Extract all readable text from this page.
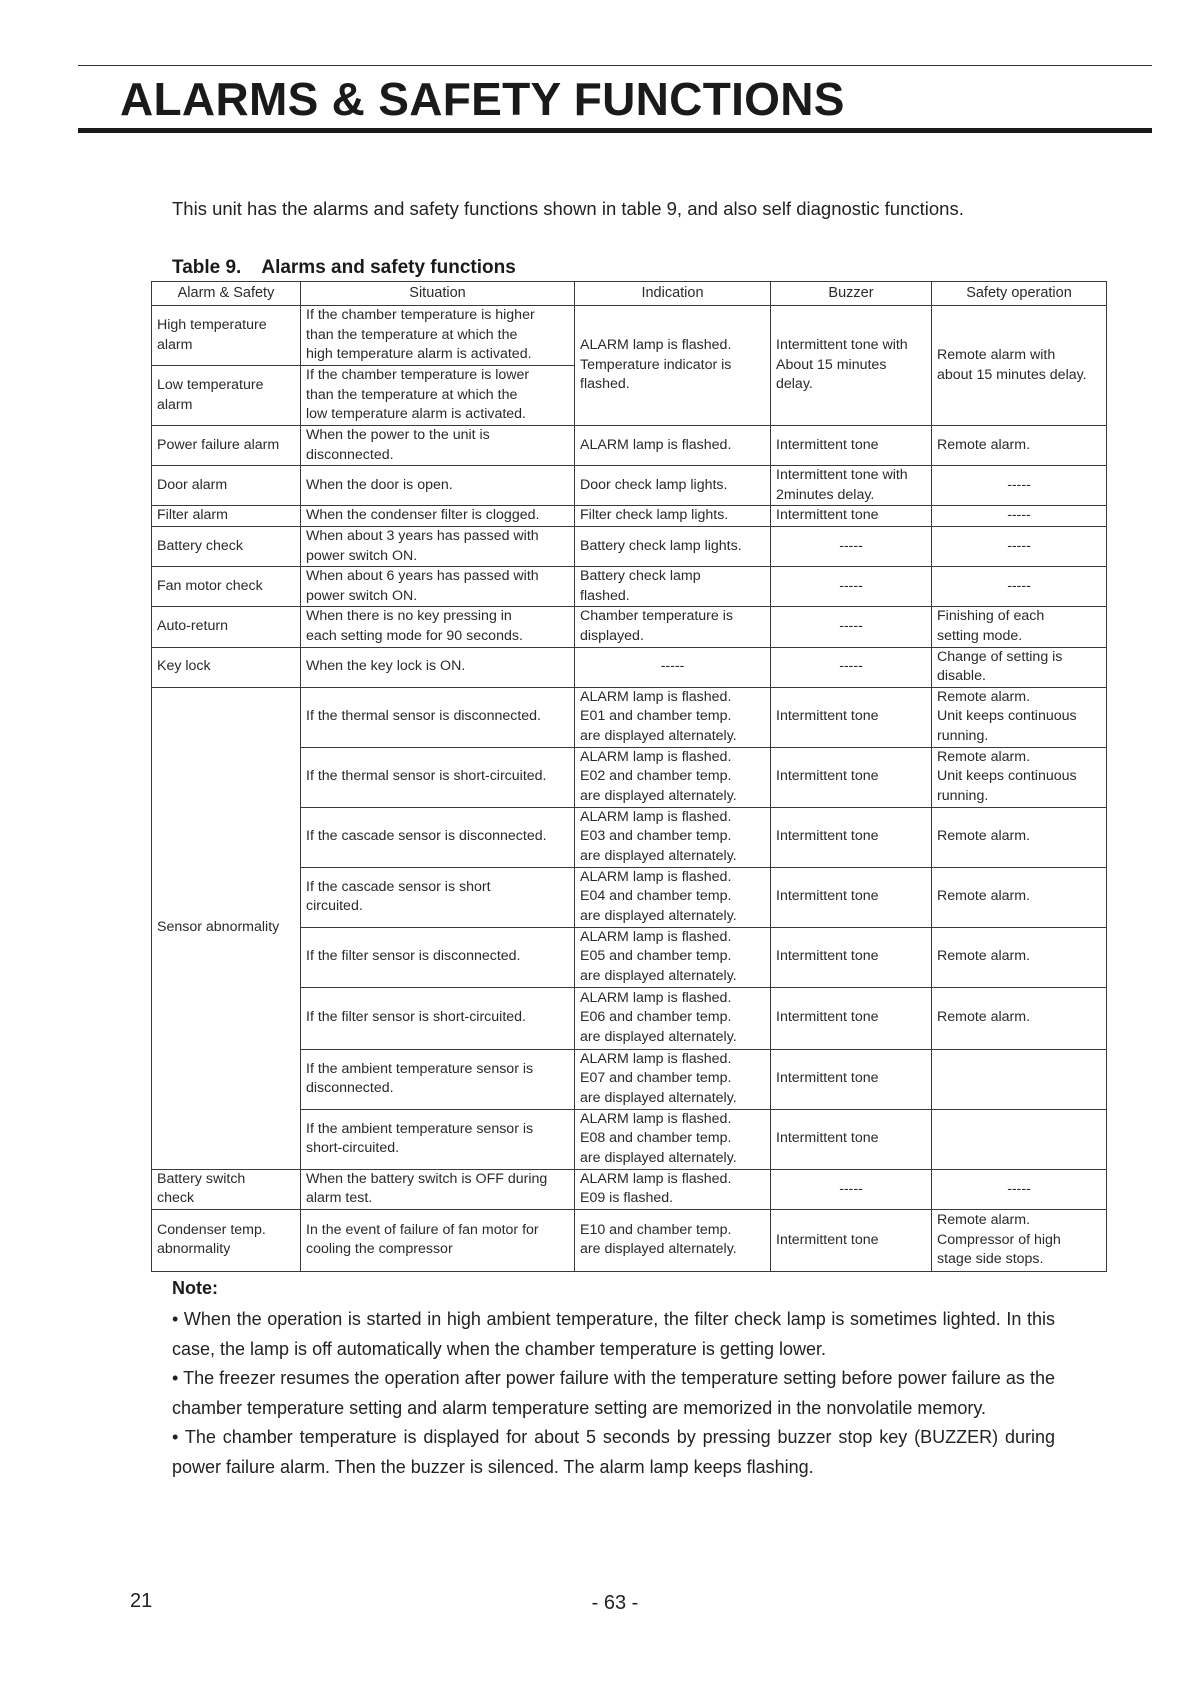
ALARMS & SAFETY FUNCTIONS

This unit has the alarms and safety functions shown in table 9, and also self diagnostic functions.

Table 9. Alarms and safety functions

Alarm & Safety	Situation	Indication	Buzzer	Safety operation
High temperature
alarm	If the chamber temperature is higher
than the temperature at which the
high temperature alarm is activated.	ALARM lamp is flashed.
Temperature indicator is
flashed.	Intermittent tone with
About 15 minutes
delay.	Remote alarm with
about 15 minutes delay.
Low temperature
alarm	If the chamber temperature is lower
than the temperature at which the
low temperature alarm is activated.			
Power failure alarm	When the power to the unit is
disconnected.	ALARM lamp is flashed.	Intermittent tone	Remote alarm.
Door alarm	When the door is open.	Door check lamp lights.	Intermittent tone with
2minutes delay.	-----
Filter alarm	When the condenser filter is clogged.	Filter check lamp lights.	Intermittent tone	-----
Battery check	When about 3 years has passed with
power switch ON.	Battery check lamp lights.	-----	-----
Fan motor check	When about 6 years has passed with
power switch ON.	Battery check lamp
flashed.	-----	-----
Auto-return	When there is no key pressing in
each setting mode for 90 seconds.	Chamber temperature is
displayed.	-----	Finishing of each
setting mode.
Key lock	When the key lock is ON.	-----	-----	Change of setting is
disable.
Sensor abnormality	If the thermal sensor is disconnected.	ALARM lamp is flashed.
E01 and chamber temp.
are displayed alternately.	Intermittent tone	Remote alarm.
Unit keeps continuous
running.
	If the thermal sensor is short-circuited.	ALARM lamp is flashed.
E02 and chamber temp.
are displayed alternately.	Intermittent tone	Remote alarm.
Unit keeps continuous
running.
	If the cascade sensor is disconnected.	ALARM lamp is flashed.
E03 and chamber temp.
are displayed alternately.	Intermittent tone	Remote alarm.
	If the cascade sensor is short
circuited.	ALARM lamp is flashed.
E04 and chamber temp.
are displayed alternately.	Intermittent tone	Remote alarm.
	If the filter sensor is disconnected.	ALARM lamp is flashed.
E05 and chamber temp.
are displayed alternately.	Intermittent tone	Remote alarm.
	If the filter sensor is short-circuited.	ALARM lamp is flashed.
E06 and chamber temp.
are displayed alternately.	Intermittent tone	Remote alarm.
	If the ambient temperature sensor is
disconnected.	ALARM lamp is flashed.
E07 and chamber temp.
are displayed alternately.	Intermittent tone	
	If the ambient temperature sensor is
short-circuited.	ALARM lamp is flashed.
E08 and chamber temp.
are displayed alternately.	Intermittent tone	
Battery switch
check	When the battery switch is OFF during
alarm test.	ALARM lamp is flashed.
E09 is flashed.	-----	-----
Condenser temp.
abnormality	In the event of failure of fan motor for
cooling the compressor	E10 and chamber temp.
are displayed alternately.	Intermittent tone	Remote alarm.
Compressor of high
stage side stops.

Note:

• When the operation is started in high ambient temperature, the filter check lamp is sometimes lighted. In this case, the lamp is off automatically when the chamber temperature is getting lower.

• The freezer resumes the operation after power failure with the temperature setting before power failure as the chamber temperature setting and alarm temperature setting are memorized in the nonvolatile memory.

• The chamber temperature is displayed for about 5 seconds by pressing buzzer stop key (BUZZER) during power failure alarm. Then the buzzer is silenced. The alarm lamp keeps flashing.

21	- 63 -
